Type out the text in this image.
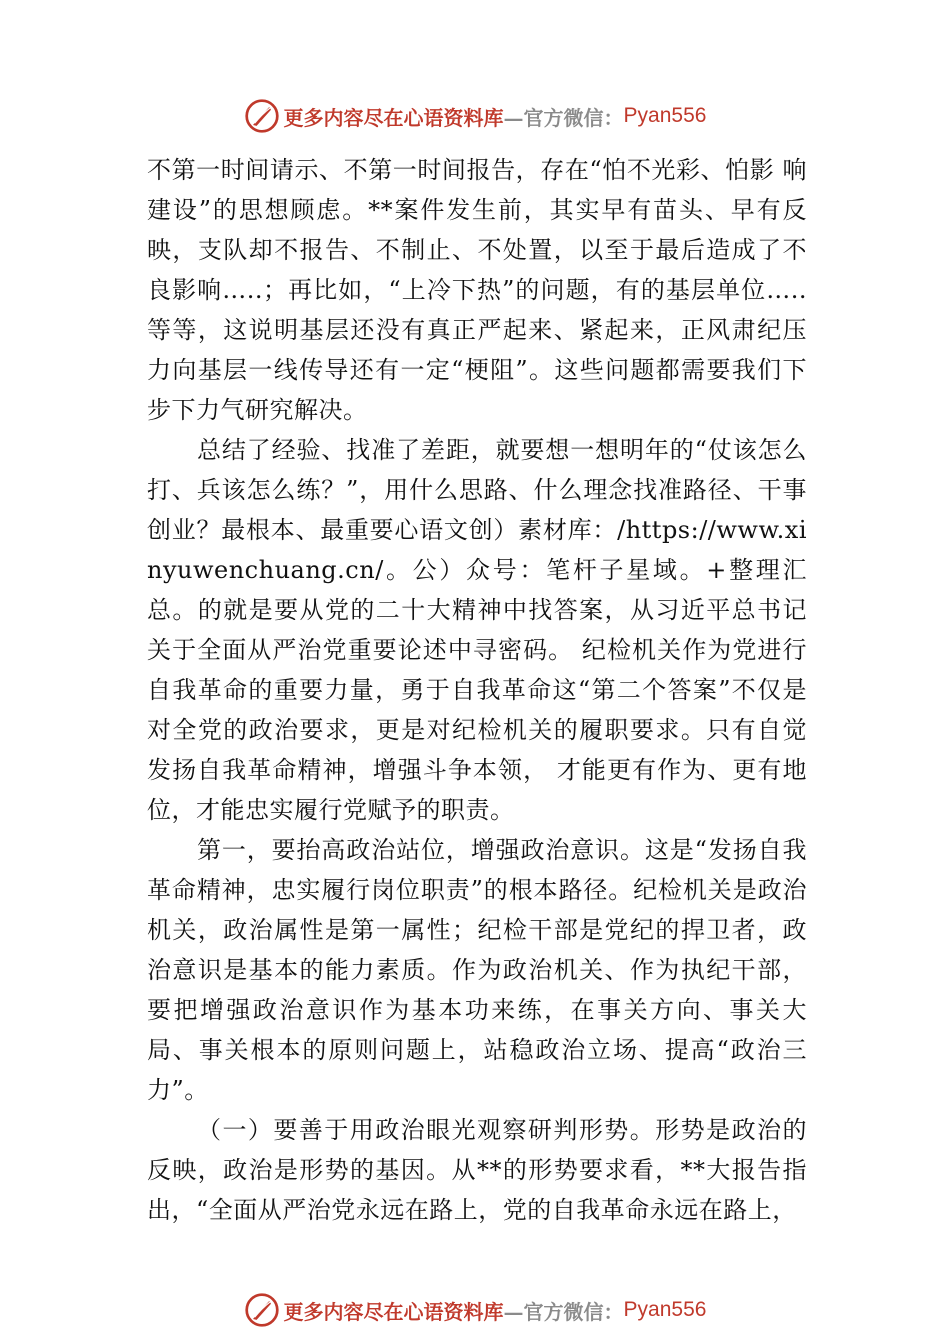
更多内容尽在心语资料库 —官方微信： Pyan556

不第一时间请示、不第一时间报告，存在“怕不光彩、怕影 响建设”的思想顾虑。**案件发生前，其实早有苗头、早有反映，支队却不报告、不制止、不处置，以至于最后造成了不良影响…..；再比如，“上冷下热”的问题，有的基层单位….. 等等，这说明基层还没有真正严起来、紧起来，正风肃纪压力向基层一线传导还有一定“梗阻”。这些问题都需要我们下步下力气研究解决。

总结了经验、找准了差距，就要想一想明年的“仗该怎么打、兵该怎么练？”，用什么思路、什么理念找准路径、干事创业？最根本、最重要心语文创）素材库：/https://www.xinyuwenchuang.cn/。公）众号：笔杆子星域。+整理汇总。的就是要从党的二十大精神中找答案，从习近平总书记关于全面从严治党重要论述中寻密码。 纪检机关作为党进行自我革命的重要力量，勇于自我革命这“第二个答案”不仅是对全党的政治要求，更是对纪检机关的履职要求。只有自觉发扬自我革命精神，增强斗争本领， 才能更有作为、更有地位，才能忠实履行党赋予的职责。

第一，要抬高政治站位，增强政治意识。这是“发扬自我革命精神，忠实履行岗位职责”的根本路径。纪检机关是政治机关，政治属性是第一属性；纪检干部是党纪的捍卫者，政治意识是基本的能力素质。作为政治机关、作为执纪干部，要把增强政治意识作为基本功来练，在事关方向、事关大局、事关根本的原则问题上，站稳政治立场、提高“政治三力”。

（一）要善于用政治眼光观察研判形势。形势是政治的反映，政治是形势的基因。从**的形势要求看，**大报告指出，“全面从严治党永远在路上，党的自我革命永远在路上，

更多内容尽在心语资料库 —官方微信： Pyan556
